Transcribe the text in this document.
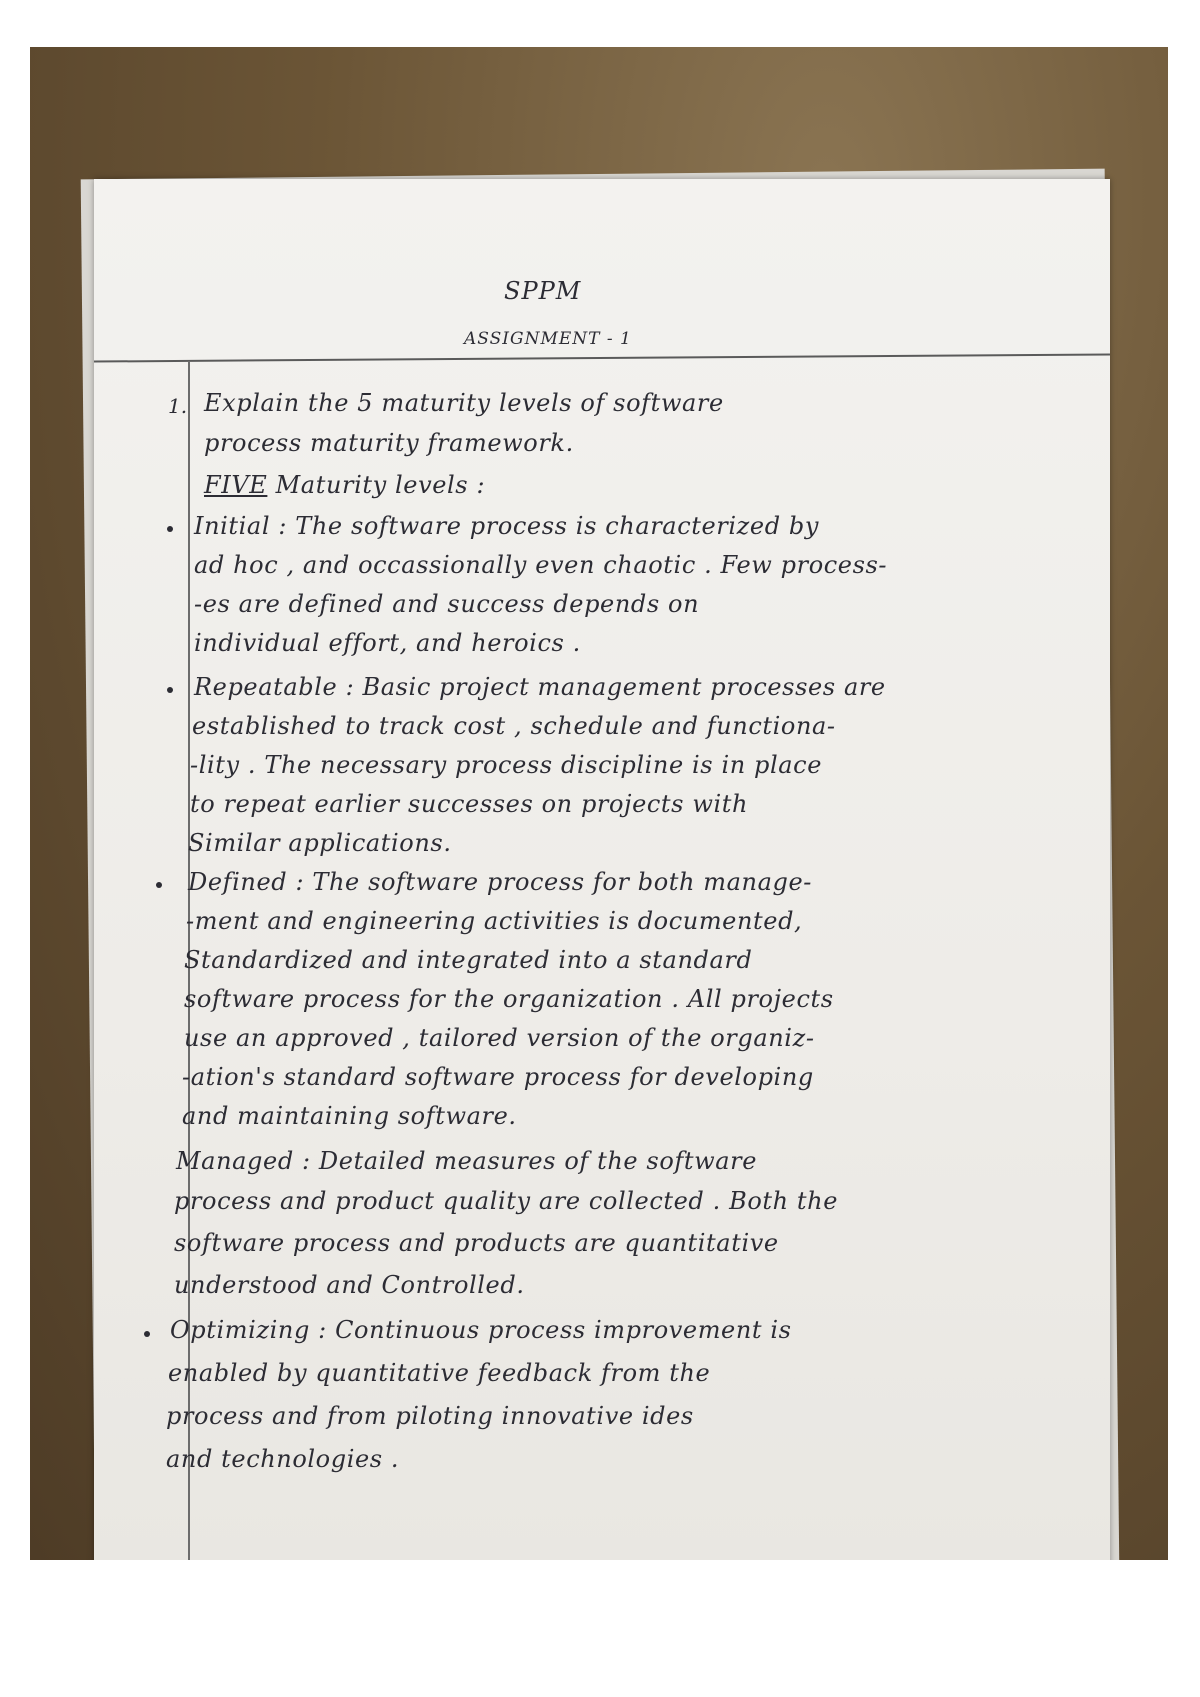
SPPM
ASSIGNMENT - 1
1. Explain the 5 maturity levels of software
process maturity framework.
FIVE Maturity levels :
Initial : The software process is characterized by
ad hoc , and occassionally even chaotic . Few process-
-es are defined and success depends on
individual effort, and heroics .
Repeatable : Basic project management processes are
established to track cost , schedule and functiona-
-lity . The necessary process discipline is in place
to repeat earlier successes on projects with
Similar applications.
Defined : The software process for both manage-
-ment and engineering activities is documented,
Standardized and integrated into a standard
software process for the organization . All projects
use an approved , tailored version of the organiz-
-ation's standard software process for developing
and maintaining software.
Managed : Detailed measures of the software
process and product quality are collected . Both the
software process and products are quantitative
understood and Controlled.
Optimizing : Continuous process improvement is
enabled by quantitative feedback from the
process and from piloting innovative ides
and technologies .
